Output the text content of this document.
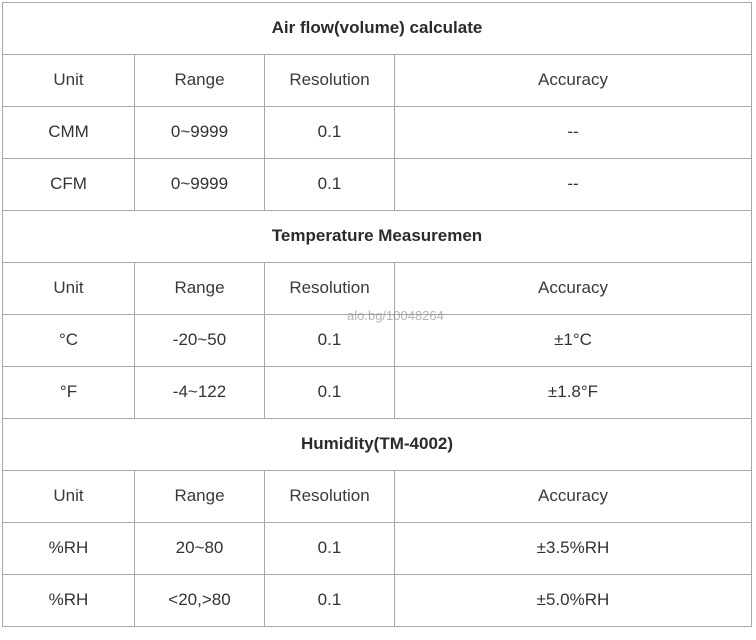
Air flow(volume) calculate			
Unit	Range	Resolution	Accuracy
CMM	0~9999	0.1	--
CFM	0~9999	0.1	--
Temperature Measuremen			
Unit	Range	Resolution	Accuracy
°C	-20~50	0.1	±1°C
°F	-4~122	0.1	±1.8°F
Humidity(TM-4002)			
Unit	Range	Resolution	Accuracy
%RH	20~80	0.1	±3.5%RH
%RH	<20,>80	0.1	±5.0%RH
alo.bg/10048264
